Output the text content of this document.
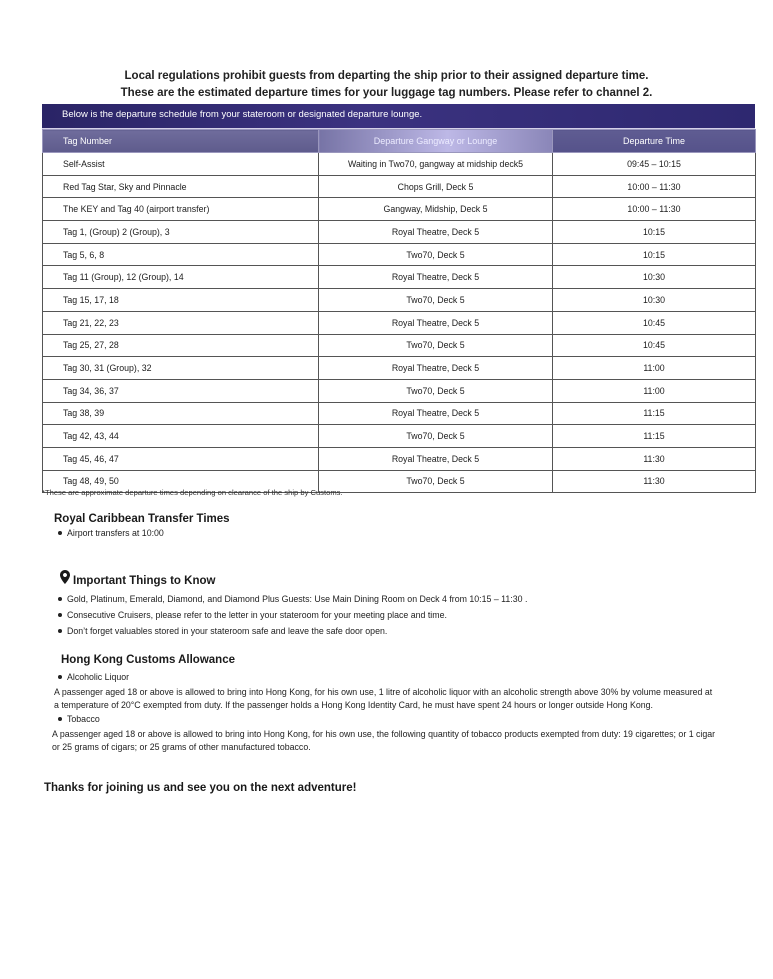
Local regulations prohibit guests from departing the ship prior to their assigned departure time.
These are the estimated departure times for your luggage tag numbers. Please refer to channel 2.
Below is the departure schedule from your stateroom or designated departure lounge.
Tag Number	Departure Gangway or Lounge	Departure Time
Self-Assist	Waiting in Two70, gangway at midship deck5	09:45 – 10:15
Red Tag Star, Sky and Pinnacle	Chops Grill, Deck 5	10:00 – 11:30
The KEY and Tag 40 (airport transfer)	Gangway, Midship, Deck 5	10:00 – 11:30
Tag 1, (Group) 2 (Group), 3	Royal Theatre, Deck 5	10:15
Tag 5, 6, 8	Two70, Deck 5	10:15
Tag 11 (Group), 12 (Group), 14	Royal Theatre, Deck 5	10:30
Tag 15, 17, 18	Two70, Deck 5	10:30
Tag 21, 22, 23	Royal Theatre, Deck 5	10:45
Tag 25, 27, 28	Two70, Deck 5	10:45
Tag 30, 31 (Group), 32	Royal Theatre, Deck 5	11:00
Tag 34, 36, 37	Two70, Deck 5	11:00
Tag 38, 39	Royal Theatre, Deck 5	11:15
Tag 42, 43, 44	Two70, Deck 5	11:15
Tag 45, 46, 47	Royal Theatre, Deck 5	11:30
Tag 48, 49, 50	Two70, Deck 5	11:30
*These are approximate departure times depending on clearance of the ship by Customs.
Royal Caribbean Transfer Times
Airport transfers at 10:00
Important Things to Know
Gold, Platinum, Emerald, Diamond, and Diamond Plus Guests: Use Main Dining Room on Deck 4 from 10:15 – 11:30 .
Consecutive Cruisers, please refer to the letter in your stateroom for your meeting place and time.
Don’t forget valuables stored in your stateroom safe and leave the safe door open.
Hong Kong Customs Allowance
Alcoholic Liquor
A passenger aged 18 or above is allowed to bring into Hong Kong, for his own use, 1 litre of alcoholic liquor with an alcoholic strength above 30% by volume measured at a temperature of 20°C exempted from duty. If the passenger holds a Hong Kong Identity Card, he must have spent 24 hours or longer outside Hong Kong.
Tobacco
A passenger aged 18 or above is allowed to bring into Hong Kong, for his own use, the following quantity of tobacco products exempted from duty: 19 cigarettes; or 1 cigar or 25 grams of cigars; or 25 grams of other manufactured tobacco.
Thanks for joining us and see you on the next adventure!
